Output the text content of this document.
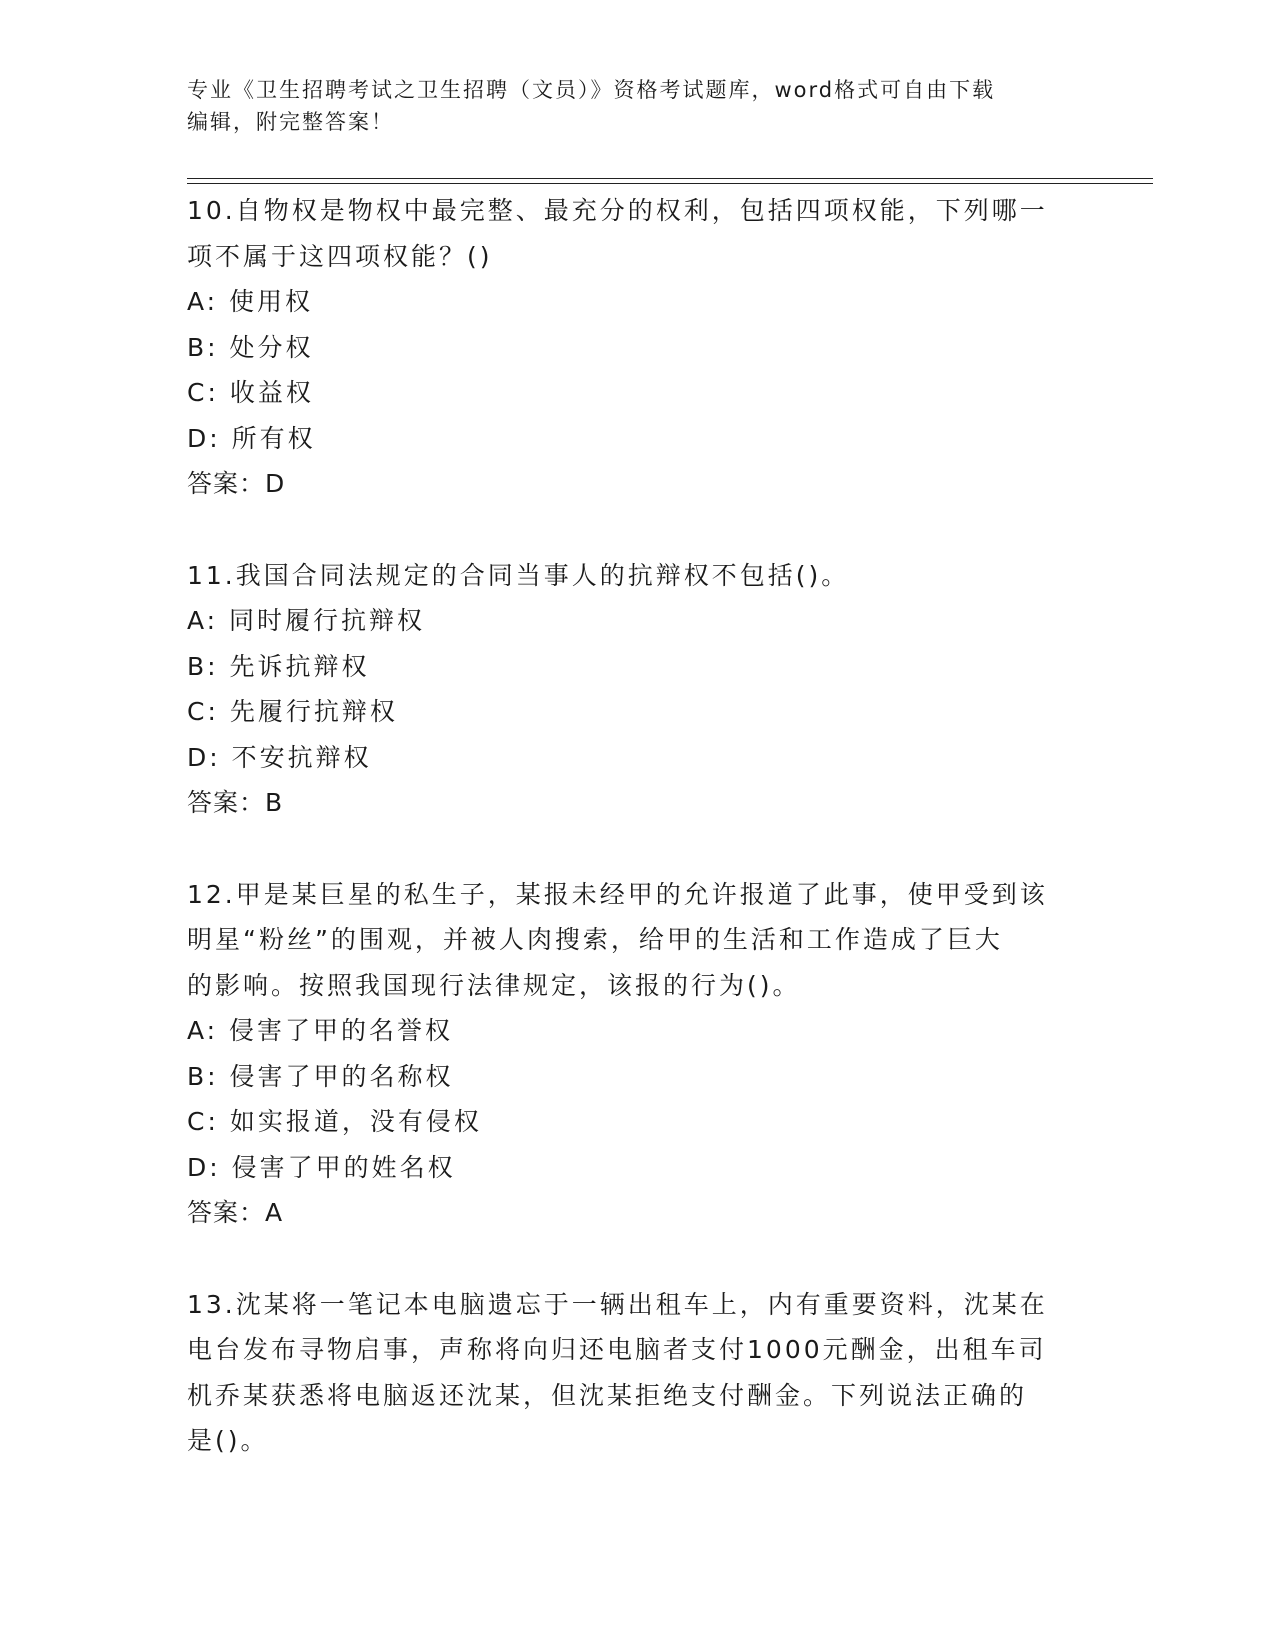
专业《卫生招聘考试之卫生招聘（文员）》资格考试题库，word格式可自由下载
编辑，附完整答案！

10.自物权是物权中最完整、最充分的权利，包括四项权能，下列哪一

项不属于这四项权能？()

A: 使用权

B: 处分权

C: 收益权

D: 所有权

答案：D

11.我国合同法规定的合同当事人的抗辩权不包括()。

A: 同时履行抗辩权

B: 先诉抗辩权

C: 先履行抗辩权

D: 不安抗辩权

答案：B

12.甲是某巨星的私生子，某报未经甲的允许报道了此事，使甲受到该

明星“粉丝”的围观，并被人肉搜索，给甲的生活和工作造成了巨大

的影响。按照我国现行法律规定，该报的行为()。

A: 侵害了甲的名誉权

B: 侵害了甲的名称权

C: 如实报道，没有侵权

D: 侵害了甲的姓名权

答案：A

13.沈某将一笔记本电脑遗忘于一辆出租车上，内有重要资料，沈某在

电台发布寻物启事，声称将向归还电脑者支付1000元酬金，出租车司

机乔某获悉将电脑返还沈某，但沈某拒绝支付酬金。下列说法正确的

是()。
